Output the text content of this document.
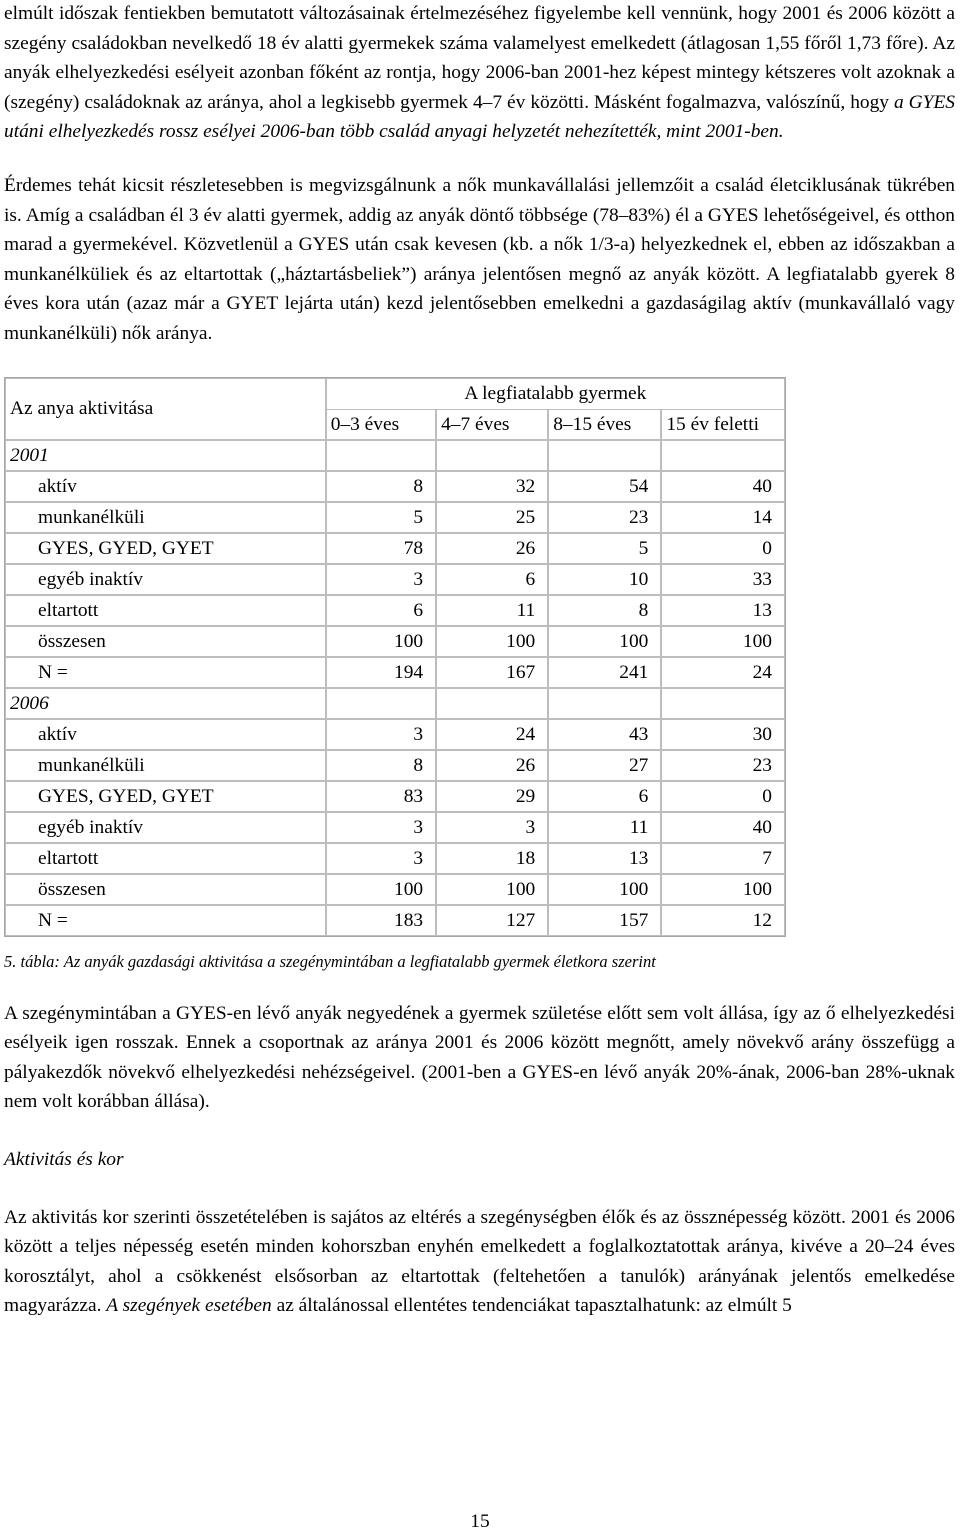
elmúlt időszak fentiekben bemutatott változásainak értelmezéséhez figyelembe kell vennünk, hogy 2001 és 2006 között a szegény családokban nevelkedő 18 év alatti gyermekek száma valamelyest emelkedett (átlagosan 1,55 főről 1,73 főre). Az anyák elhelyezkedési esélyeit azonban főként az rontja, hogy 2006-ban 2001-hez képest mintegy kétszeres volt azoknak a (szegény) családoknak az aránya, ahol a legkisebb gyermek 4–7 év közötti. Másként fogalmazva, valószínű, hogy a GYES utáni elhelyezkedés rossz esélyei 2006-ban több család anyagi helyzetét nehezítették, mint 2001-ben.

Érdemes tehát kicsit részletesebben is megvizsgálnunk a nők munkavállalási jellemzőit a család életciklusának tükrében is. Amíg a családban él 3 év alatti gyermek, addig az anyák döntő többsége (78–83%) él a GYES lehetőségeivel, és otthon marad a gyermekével. Közvetlenül a GYES után csak kevesen (kb. a nők 1/3-a) helyezkednek el, ebben az időszakban a munkanélküliek és az eltartottak („háztartásbeliek”) aránya jelentősen megnő az anyák között. A legfiatalabb gyerek 8 éves kora után (azaz már a GYET lejárta után) kezd jelentősebben emelkedni a gazdaságilag aktív (munkavállaló vagy munkanélküli) nők aránya.

Az anya aktivitása	A legfiatalabb gyermek			
	0–3 éves	4–7 éves	8–15 éves	15 év feletti
2001				
aktív	8	32	54	40
munkanélküli	5	25	23	14
GYES, GYED, GYET	78	26	5	0
egyéb inaktív	3	6	10	33
eltartott	6	11	8	13
összesen	100	100	100	100
N =	194	167	241	24
2006				
aktív	3	24	43	30
munkanélküli	8	26	27	23
GYES, GYED, GYET	83	29	6	0
egyéb inaktív	3	3	11	40
eltartott	3	18	13	7
összesen	100	100	100	100
N =	183	127	157	12
5. tábla: Az anyák gazdasági aktivitása a szegénymintában a legfiatalabb gyermek életkora szerint

A szegénymintában a GYES-en lévő anyák negyedének a gyermek születése előtt sem volt állása, így az ő elhelyezkedési esélyeik igen rosszak. Ennek a csoportnak az aránya 2001 és 2006 között megnőtt, amely növekvő arány összefügg a pályakezdők növekvő elhelyezkedési nehézségeivel. (2001-ben a GYES-en lévő anyák 20%-ának, 2006-ban 28%-uknak nem volt korábban állása).

Aktivitás és kor

Az aktivitás kor szerinti összetételében is sajátos az eltérés a szegénységben élők és az össznépesség között. 2001 és 2006 között a teljes népesség esetén minden kohorszban enyhén emelkedett a foglalkoztatottak aránya, kivéve a 20–24 éves korosztályt, ahol a csökkenést elsősorban az eltartottak (feltehetően a tanulók) arányának jelentős emelkedése magyarázza. A szegények esetében az általánossal ellentétes tendenciákat tapasztalhatunk: az elmúlt 5

15
